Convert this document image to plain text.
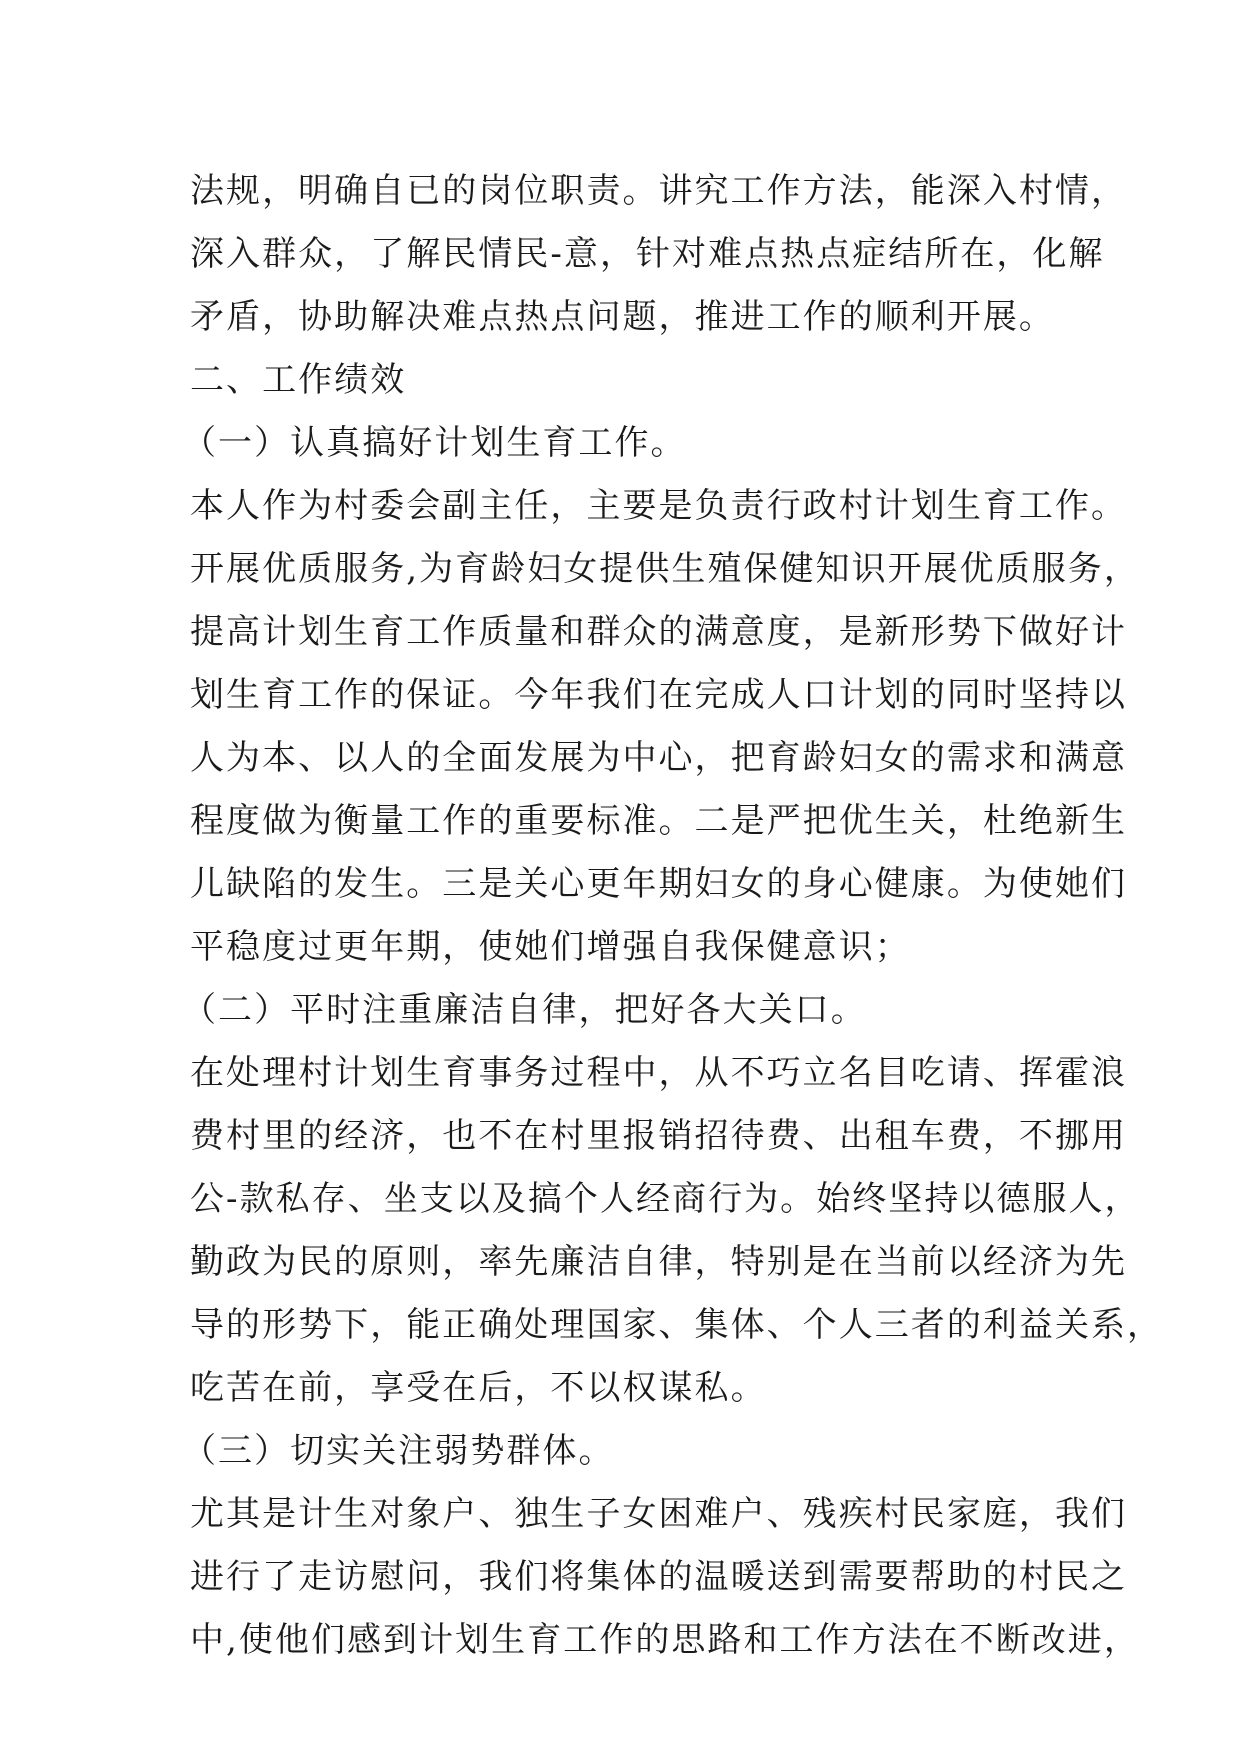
法规，明确自已的岗位职责。讲究工作方法，能深入村情，
深入群众，了解民情民-意，针对难点热点症结所在，化解
矛盾，协助解决难点热点问题，推进工作的顺利开展。
二、工作绩效
（一）认真搞好计划生育工作。
本人作为村委会副主任，主要是负责行政村计划生育工作。
开展优质服务,为育龄妇女提供生殖保健知识开展优质服务，
提高计划生育工作质量和群众的满意度，是新形势下做好计
划生育工作的保证。今年我们在完成人口计划的同时坚持以
人为本、以人的全面发展为中心，把育龄妇女的需求和满意
程度做为衡量工作的重要标准。二是严把优生关，杜绝新生
儿缺陷的发生。三是关心更年期妇女的身心健康。为使她们
平稳度过更年期，使她们增强自我保健意识；
（二）平时注重廉洁自律，把好各大关口。
在处理村计划生育事务过程中，从不巧立名目吃请、挥霍浪
费村里的经济，也不在村里报销招待费、出租车费，不挪用
公-款私存、坐支以及搞个人经商行为。始终坚持以德服人，
勤政为民的原则，率先廉洁自律，特别是在当前以经济为先
导的形势下，能正确处理国家、集体、个人三者的利益关系，
吃苦在前，享受在后，不以权谋私。
（三）切实关注弱势群体。
尤其是计生对象户、独生子女困难户、残疾村民家庭，我们
进行了走访慰问，我们将集体的温暖送到需要帮助的村民之
中,使他们感到计划生育工作的思路和工作方法在不断改进，
